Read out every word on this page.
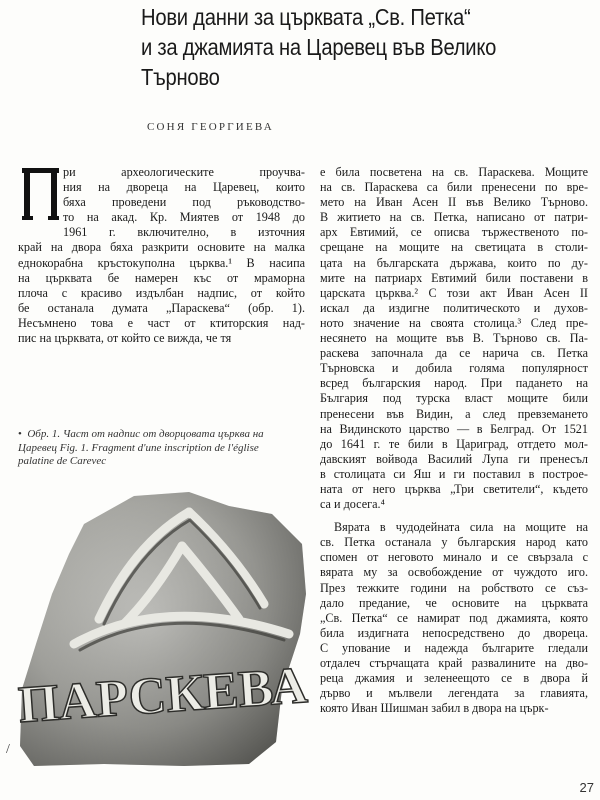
Нови данни за църквата „Св. Петка“
и за джамията на Царевец във Велико
Търново

СОНЯ ГЕОРГИЕВА

ри археологическите проучва-
ния на двореца на Царевец, които
бяха проведени под ръководство-
то на акад. Кр. Миятев от 1948 до
1961 г. включително, в източния
край на двора бяха разкрити основите на малка
еднокорабна кръстокуполна църква.¹ В насипа
на църквата бе намерен къс от мраморна
плоча с красиво издълбан надпис, от който
бе останала думата „Параскева“ (обр. 1).
Несъмнено това е част от ктиторския над-
пис на църквата, от който се вижда, че тя
• Обр. 1. Част от надпис от дворцовата църква на
Царевец Fig. 1. Fragment d'une inscription de l'église
palatine de Carevec
ПАРСКЕВА
/
е била посветена на св. Параскева. Мощите
на св. Параскева са били пренесени по вре-
мето на Иван Асен II във Велико Търново.
В житието на св. Петка, написано от патри-
арх Евтимий, се описва тържественото по-
срещане на мощите на светицата в столи-
цата на българската държава, които по ду-
мите на патриарх Евтимий били поставени в
царската църква.² С този акт Иван Асен II
искал да издигне политическото и духов-
ното значение на своята столица.³ След пре-
несянето на мощите във В. Търново св. Па-
раскева започнала да се нарича св. Петка
Търновска и добила голяма популярност
всред българския народ. При падането на
България под турска власт мощите били
пренесени във Видин, а след превземането
на Видинското царство — в Белград. От 1521
до 1641 г. те били в Цариград, отгдето мол-
давският войвода Василий Лупа ги пренесъл
в столицата си Яш и ги поставил в построе-
ната от него църква „Три светители“, където
са и досега.⁴
Вярата в чудодейната сила на мощите на
св. Петка останала у българския народ като
спомен от неговото минало и се свързала с
вярата му за освобождение от чуждото иго.
През тежките години на робството се съз-
дало предание, че основите на църквата
„Св. Петка“ се намират под джамията, която
била издигната непосредствено до двореца.
С упование и надежда българите гледали
отдалеч стърчащата край развалините на дво-
реца джамия и зеленеещото се в двора й
дърво и мълвели легендата за главията,
която Иван Шишман забил в двора на църк-
27
